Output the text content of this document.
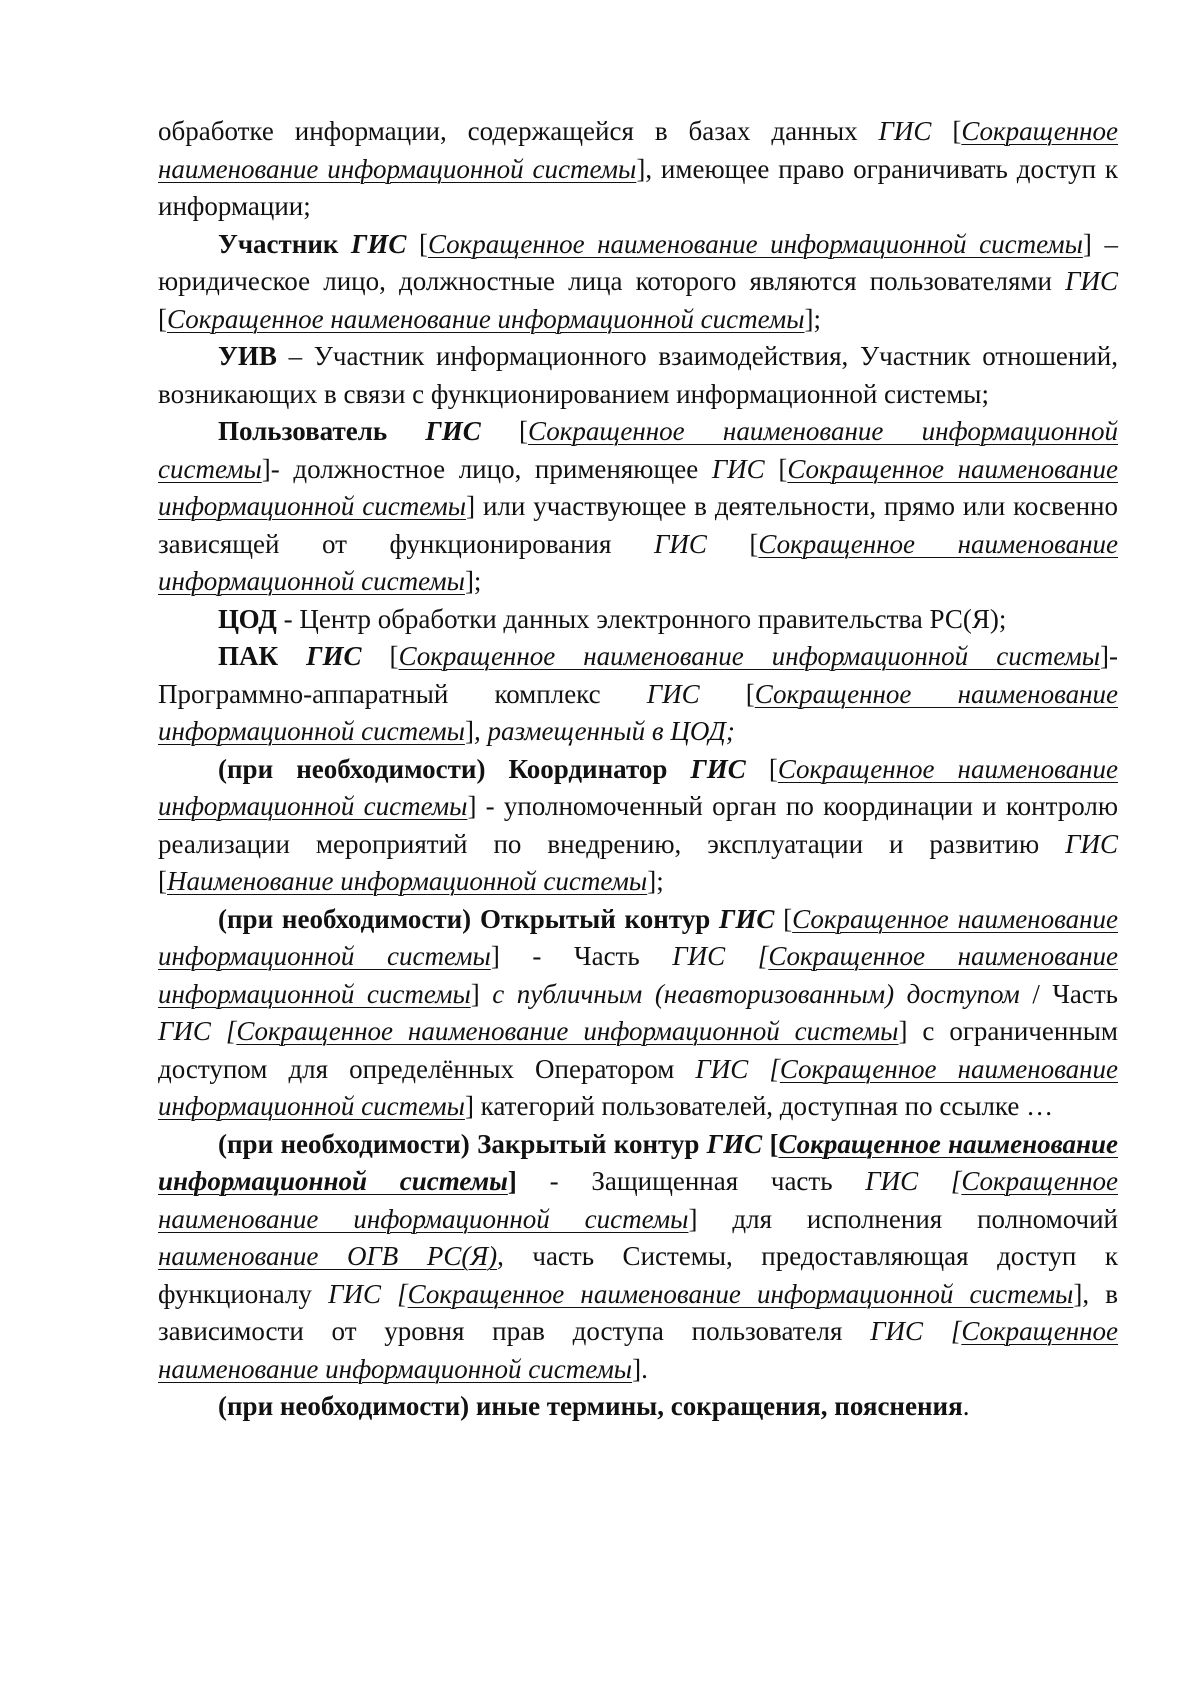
обработке информации, содержащейся в базах данных ГИС [Сокращенное наименование информационной системы], имеющее право ограничивать доступ к информации;

Участник ГИС [Сокращенное наименование информационной системы] – юридическое лицо, должностные лица которого являются пользователями ГИС [Сокращенное наименование информационной системы];

УИВ – Участник информационного взаимодействия, Участник отношений, возникающих в связи с функционированием информационной системы;

Пользователь ГИС [Сокращенное наименование информационной системы]- должностное лицо, применяющее ГИС [Сокращенное наименование информационной системы] или участвующее в деятельности, прямо или косвенно зависящей от функционирования ГИС [Сокращенное наименование информационной системы];

ЦОД - Центр обработки данных электронного правительства РС(Я);

ПАК ГИС [Сокращенное наименование информационной системы]- Программно-аппаратный комплекс ГИС [Сокращенное наименование информационной системы], размещенный в ЦОД;

(при необходимости) Координатор ГИС [Сокращенное наименование информационной системы] - уполномоченный орган по координации и контролю реализации мероприятий по внедрению, эксплуатации и развитию ГИС [Наименование информационной системы];

(при необходимости) Открытый контур ГИС [Сокращенное наименование информационной системы] - Часть ГИС [Сокращенное наименование информационной системы] с публичным (неавторизованным) доступом / Часть ГИС [Сокращенное наименование информационной системы] с ограниченным доступом для определённых Оператором ГИС [Сокращенное наименование информационной системы] категорий пользователей, доступная по ссылке …

(при необходимости) Закрытый контур ГИС [Сокращенное наименование информационной системы] - Защищенная часть ГИС [Сокращенное наименование информационной системы] для исполнения полномочий наименование ОГВ РС(Я), часть Системы, предоставляющая доступ к функционалу ГИС [Сокращенное наименование информационной системы], в зависимости от уровня прав доступа пользователя ГИС [Сокращенное наименование информационной системы].

(при необходимости) иные термины, сокращения, пояснения.
